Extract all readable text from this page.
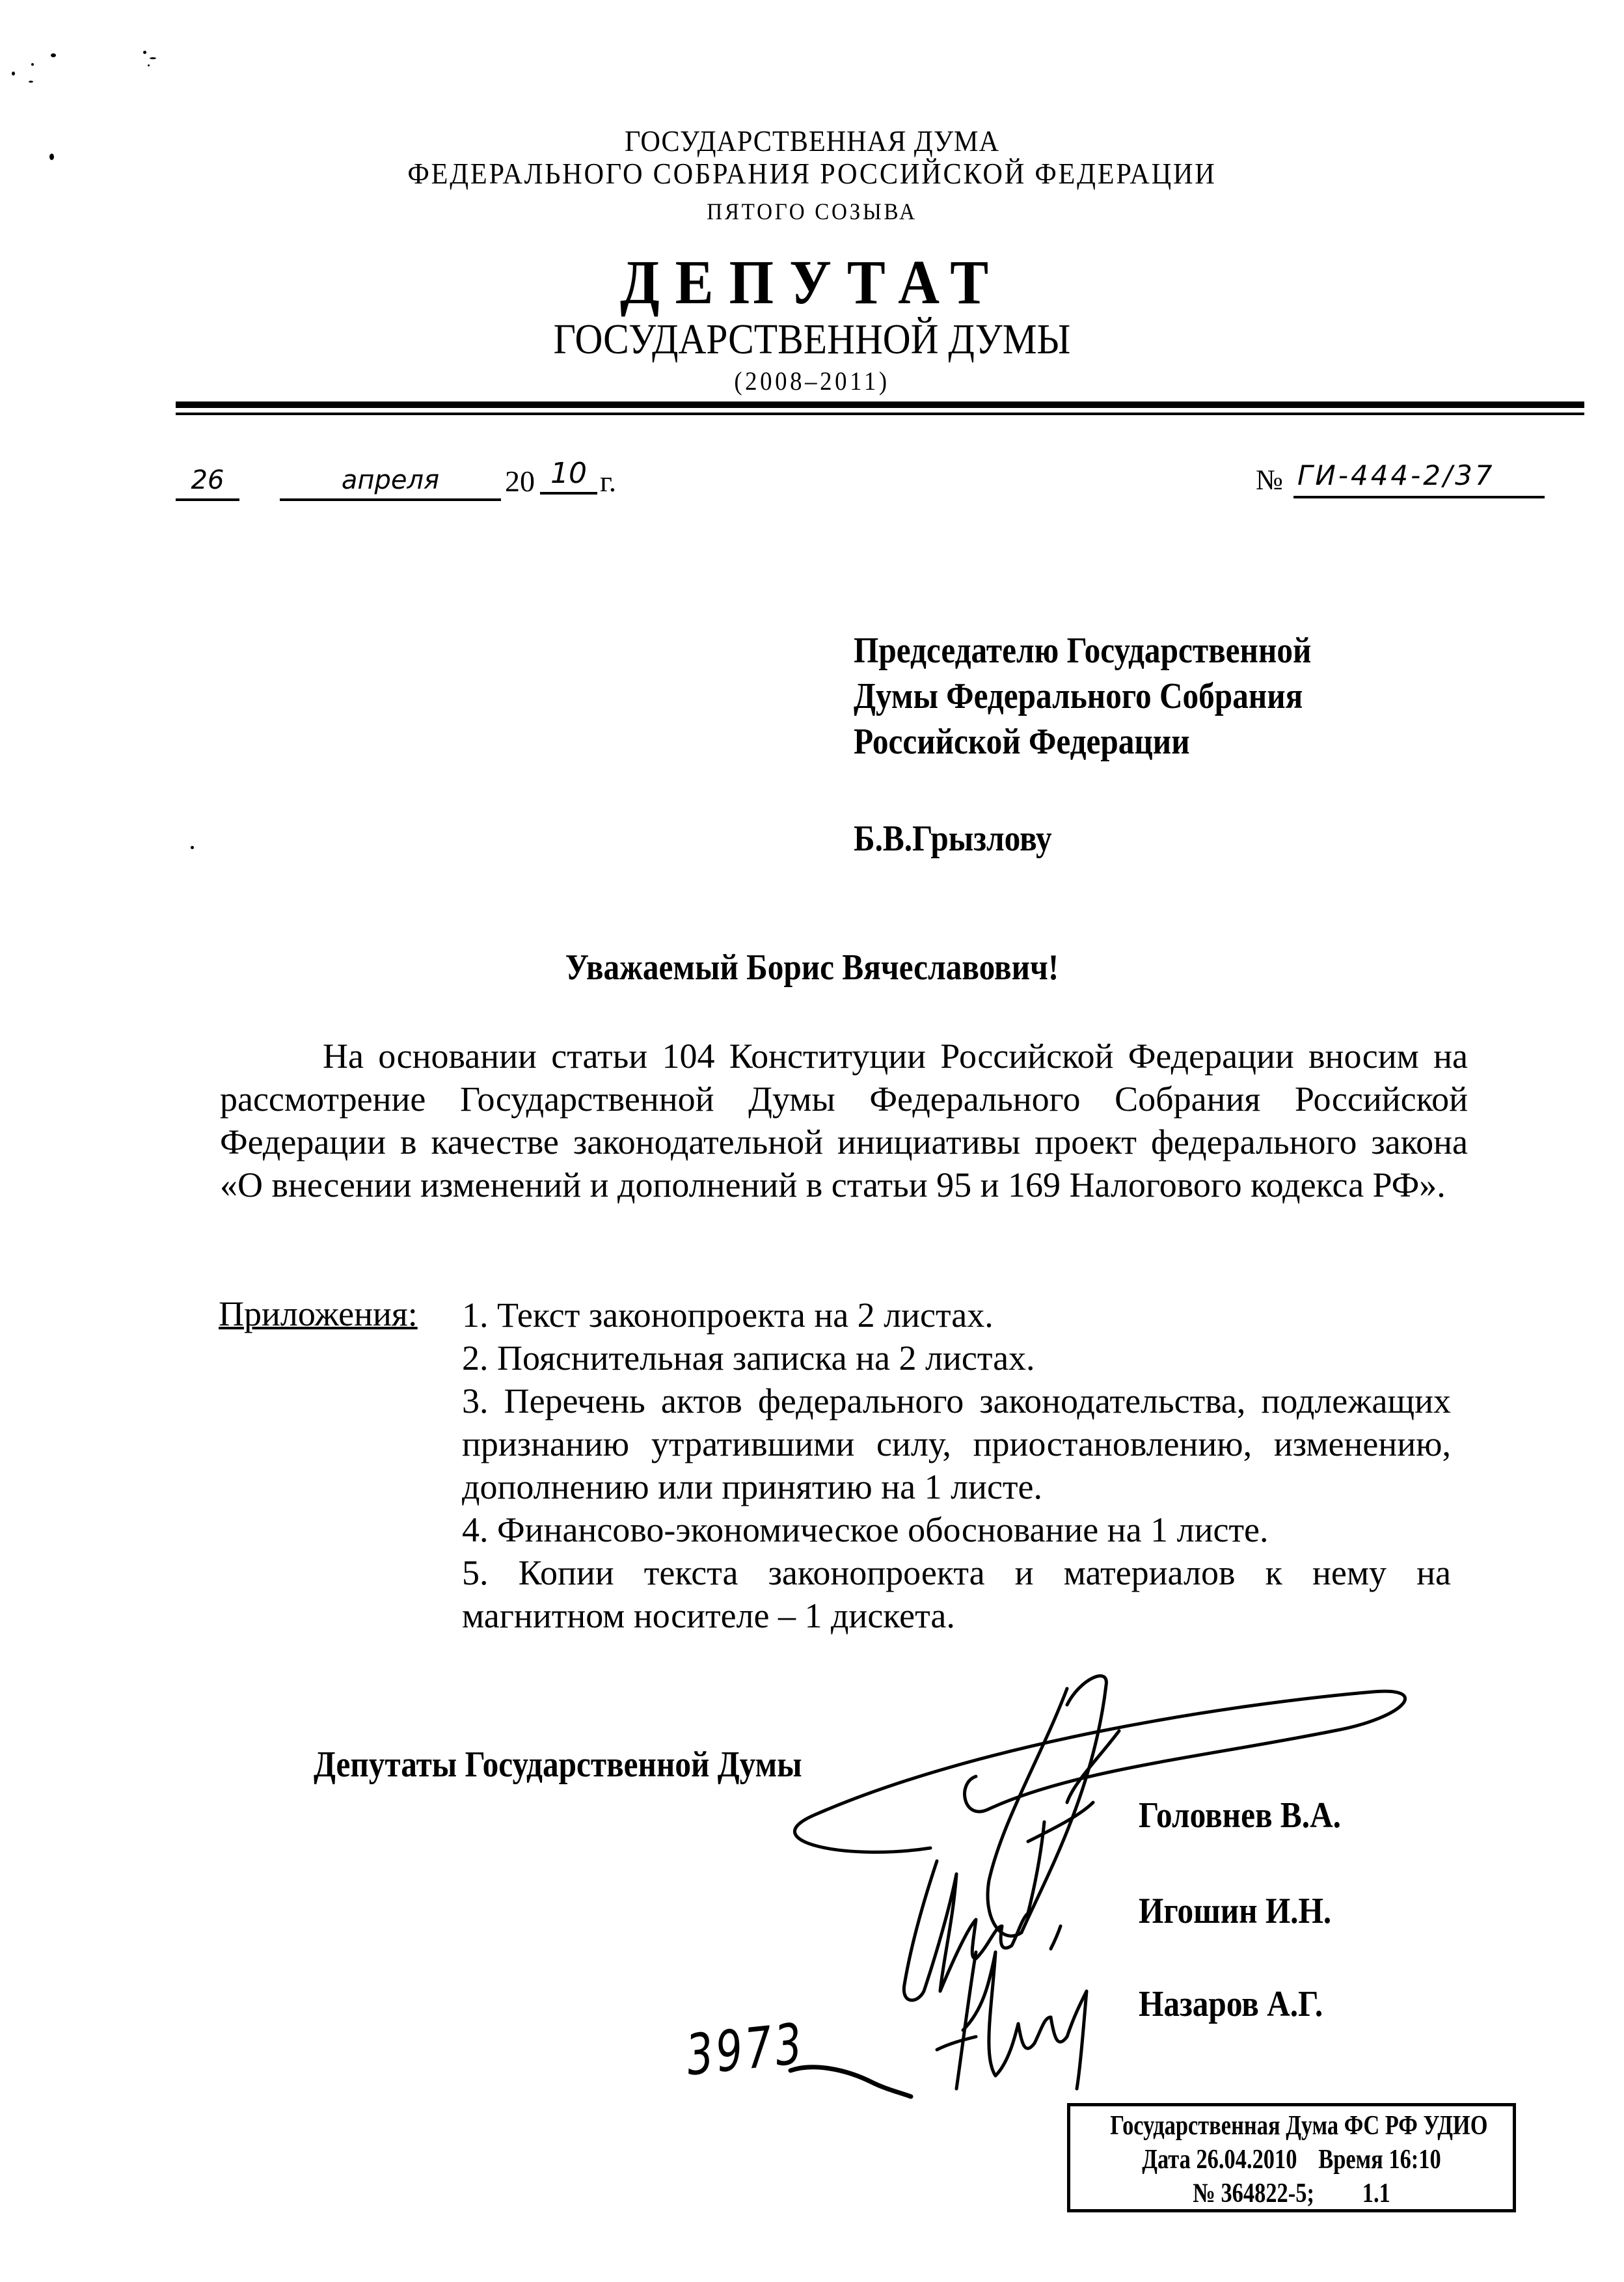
ГОСУДАРСТВЕННАЯ ДУМА
ФЕДЕРАЛЬНОГО СОБРАНИЯ РОССИЙСКОЙ ФЕДЕРАЦИИ
ПЯТОГО СОЗЫВА
ДЕПУТАТ
ГОСУДАРСТВЕННОЙ ДУМЫ
(2008–2011)
26	апреля	20 10 г.	№ ГИ-444-2/37
Председателю Государственной
Думы Федерального Собрания
Российской Федерации
Б.В.Грызлову
Уважаемый Борис Вячеславович!
На основании статьи 104 Конституции Российской Федерации вносим на рассмотрение Государственной Думы Федерального Собрания Российской Федерации в качестве законодательной инициативы проект федерального закона «О внесении изменений и дополнений в статьи 95 и 169 Налогового кодекса РФ».
Приложения: 1. Текст законопроекта на 2 листах.
2. Пояснительная записка на 2 листах.
3. Перечень актов федерального законодательства, подлежащих признанию утратившими силу, приостановлению, изменению, дополнению или принятию на 1 листе.
4. Финансово-экономическое обоснование на 1 листе.
5. Копии текста законопроекта и материалов к нему на магнитном носителе – 1 дискета.
Депутаты Государственной Думы
Головнев В.А.
Игошин И.Н.
Назаров А.Г.
3973
Государственная Дума ФС РФ УДИО
Дата 26.04.2010 Время 16:10
№ 364822-5; 1.1
